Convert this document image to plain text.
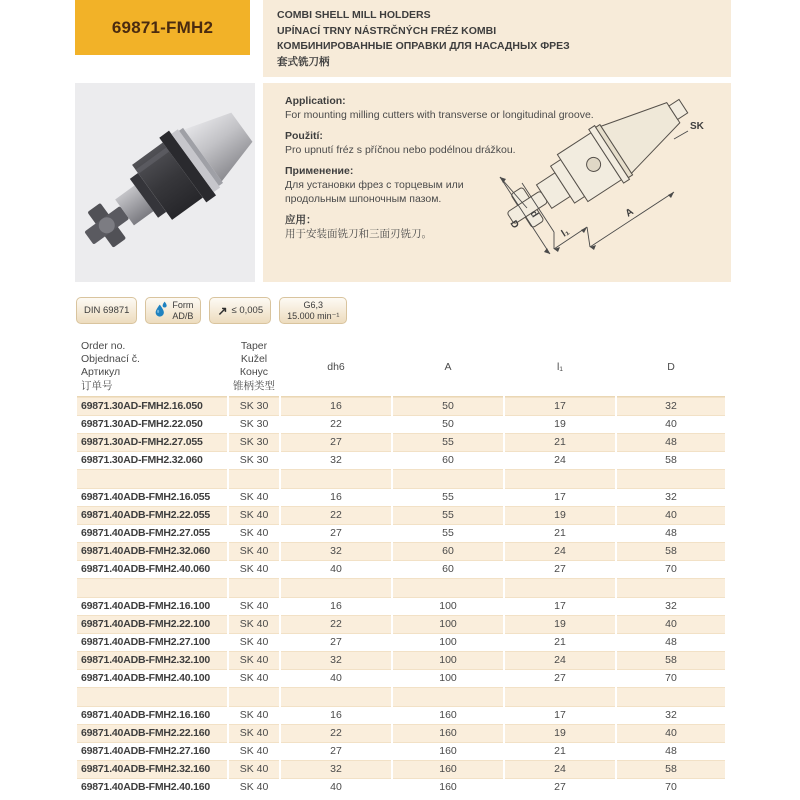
69871-FMH2
COMBI SHELL MILL HOLDERS
UPÍNACÍ TRNY NÁSTRČNÝCH FRÉZ KOMBI
КОМБИНИРОВАННЫЕ ОПРАВКИ ДЛЯ НАСАДНЫХ ФРЕЗ
套式铣刀柄
Application:
For mounting milling cutters with transverse or longitudinal groove.
Použití:
Pro upnutí fréz s příčnou nebo podélnou drážkou.
Применение:
Для установки фрез с торцевым или продольным шпоночным пазом.
应用：
用于安装面铣刀和三面刃铣刀。
D
d
l₁
A
SK
DIN 69871	Form
AD/B ↗ ≤ 0,005	G6,3
15.000 min⁻¹
Order no.
Objednací č.
Артикул
订单号	Taper
Kužel
Конус
锥柄类型	dh6	A	l₁	D
69871.30AD-FMH2.16.050	SK 30	16	50	17	32
69871.30AD-FMH2.22.050	SK 30	22	50	19	40
69871.30AD-FMH2.27.055	SK 30	27	55	21	48
69871.30AD-FMH2.32.060	SK 30	32	60	24	58

69871.40ADB-FMH2.16.055	SK 40	16	55	17	32
69871.40ADB-FMH2.22.055	SK 40	22	55	19	40
69871.40ADB-FMH2.27.055	SK 40	27	55	21	48
69871.40ADB-FMH2.32.060	SK 40	32	60	24	58
69871.40ADB-FMH2.40.060	SK 40	40	60	27	70

69871.40ADB-FMH2.16.100	SK 40	16	100	17	32
69871.40ADB-FMH2.22.100	SK 40	22	100	19	40
69871.40ADB-FMH2.27.100	SK 40	27	100	21	48
69871.40ADB-FMH2.32.100	SK 40	32	100	24	58
69871.40ADB-FMH2.40.100	SK 40	40	100	27	70

69871.40ADB-FMH2.16.160	SK 40	16	160	17	32
69871.40ADB-FMH2.22.160	SK 40	22	160	19	40
69871.40ADB-FMH2.27.160	SK 40	27	160	21	48
69871.40ADB-FMH2.32.160	SK 40	32	160	24	58
69871.40ADB-FMH2.40.160	SK 40	40	160	27	70
